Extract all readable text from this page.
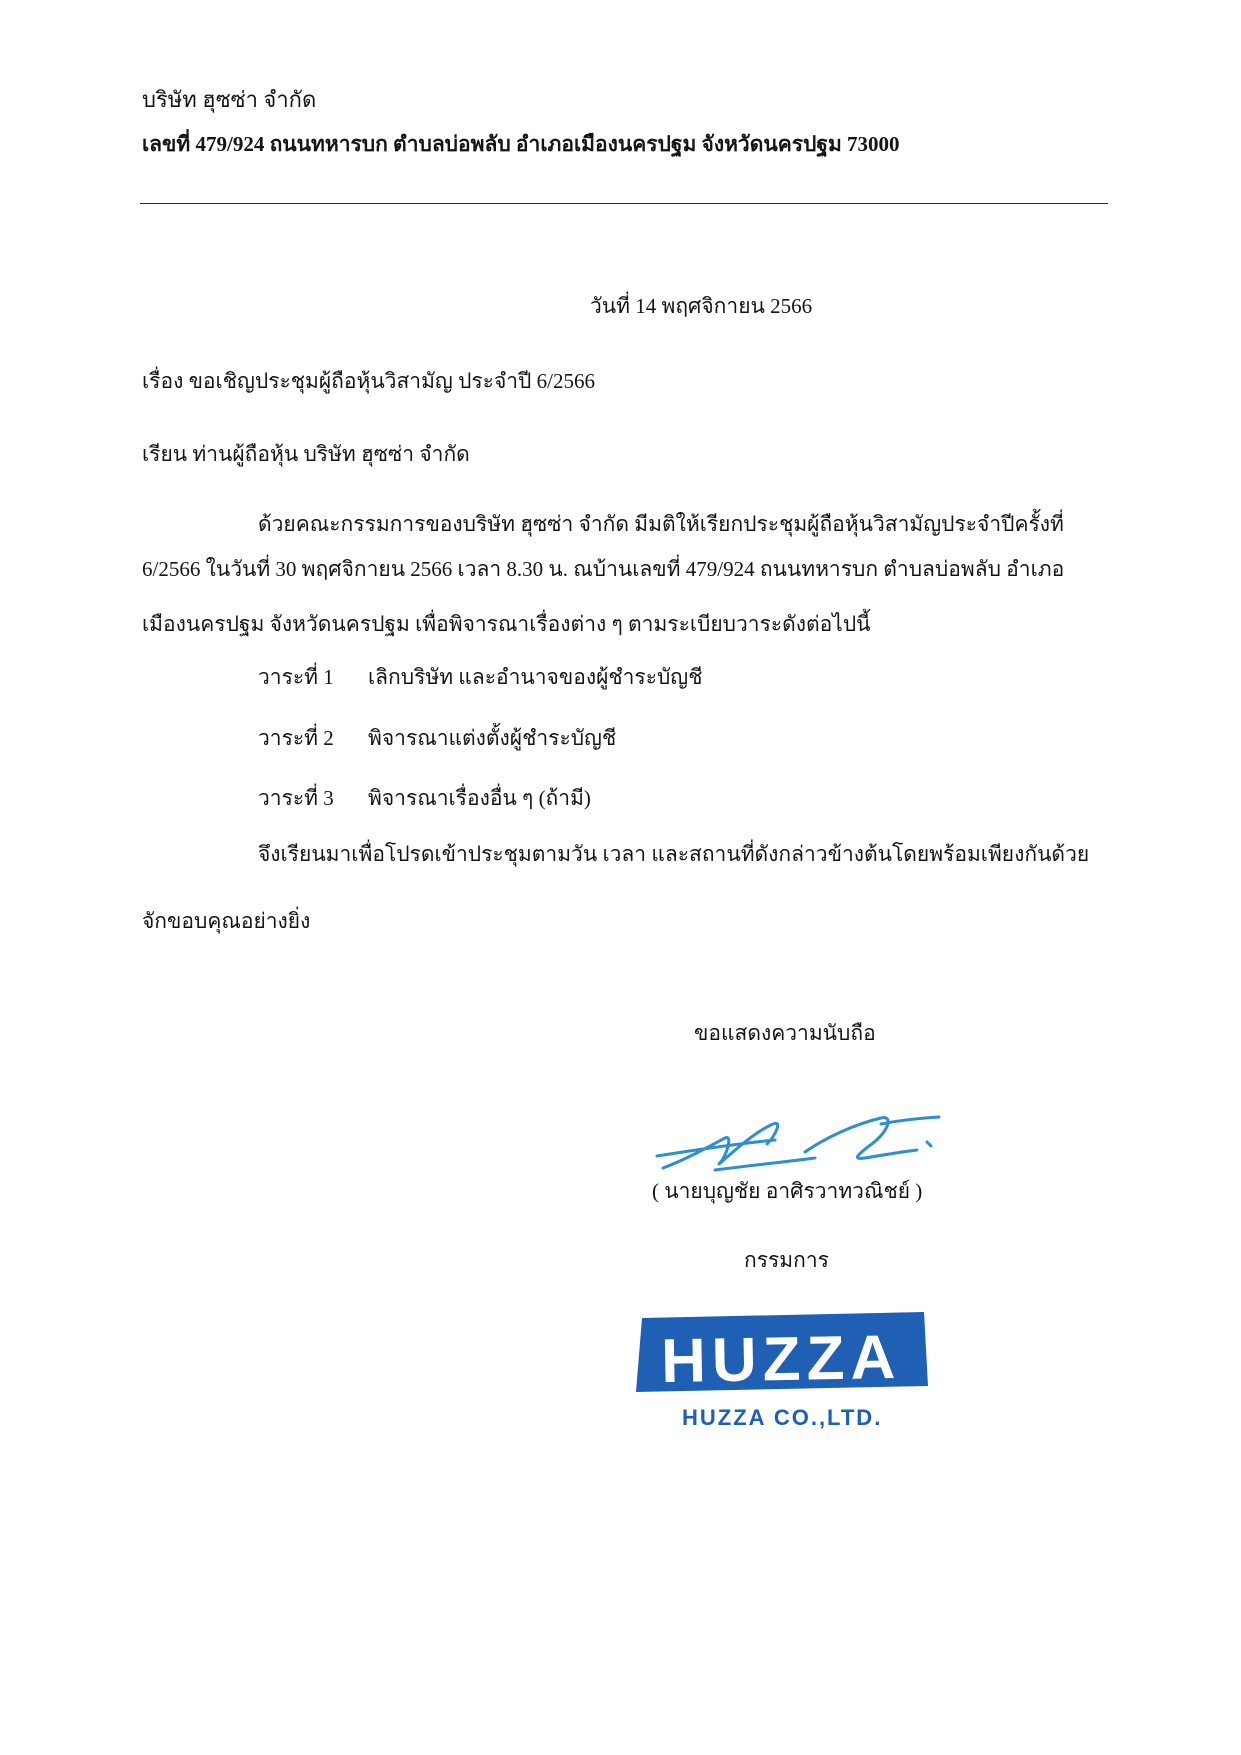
บริษัท ฮุซซ่า จำกัด
เลขที่ 479/924 ถนนทหารบก ตำบลบ่อพลับ อำเภอเมืองนครปฐม จังหวัดนครปฐม 73000
วันที่ 14 พฤศจิกายน 2566
เรื่อง ขอเชิญประชุมผู้ถือหุ้นวิสามัญ ประจำปี 6/2566
เรียน ท่านผู้ถือหุ้น บริษัท ฮุซซ่า จำกัด
ด้วยคณะกรรมการของบริษัท ฮุซซ่า จำกัด มีมติให้เรียกประชุมผู้ถือหุ้นวิสามัญประจำปีครั้งที่
6/2566 ในวันที่ 30 พฤศจิกายน 2566 เวลา 8.30 น. ณบ้านเลขที่ 479/924 ถนนทหารบก ตำบลบ่อพลับ อำเภอ
เมืองนครปฐม จังหวัดนครปฐม เพื่อพิจารณาเรื่องต่าง ๆ ตามระเบียบวาระดังต่อไปนี้
วาระที่ 1 เลิกบริษัท และอำนาจของผู้ชำระบัญชี
วาระที่ 2 พิจารณาแต่งตั้งผู้ชำระบัญชี
วาระที่ 3 พิจารณาเรื่องอื่น ๆ (ถ้ามี)
จึงเรียนมาเพื่อโปรดเข้าประชุมตามวัน เวลา และสถานที่ดังกล่าวข้างต้นโดยพร้อมเพียงกันด้วย
จักขอบคุณอย่างยิ่ง
ขอแสดงความนับถือ
( นายบุญชัย อาศิรวาทวณิชย์ )
กรรมการ
HUZZA
HUZZA CO.,LTD.
